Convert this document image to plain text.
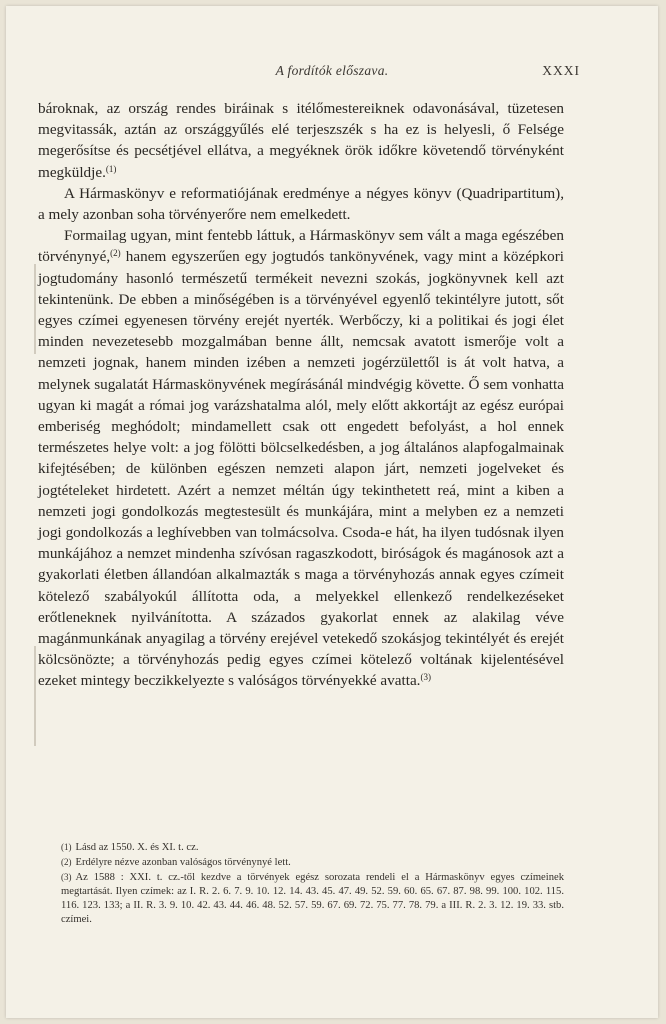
A fordítók előszava.	XXXI

bároknak, az ország rendes biráinak s itélőmestereiknek odavonásával, tüzetesen megvitassák, aztán az országgyűlés elé terjeszszék s ha ez is helyesli, ő Felsége megerősítse és pecsétjével ellátva, a megyéknek örök időkre követendő törvényként megküldje.$^{(1)}$

A Hármaskönyv e reformatiójának eredménye a négyes könyv (Quadripartitum), a mely azonban soha törvényerőre nem emelkedett.

Formailag ugyan, mint fentebb láttuk, a Hármaskönyv sem vált a maga egészében törvénynyé,$^{(2)}$ hanem egyszerűen egy jogtudós tankönyvének, vagy mint a középkori jogtudomány hasonló természetű termékeit nevezni szokás, jogkönyvnek kell azt tekintenünk. De ebben a minőségében is a törvényével egyenlő tekintélyre jutott, sőt egyes czímei egyenesen törvény erejét nyerték. Werbőczy, ki a politikai és jogi élet minden nevezetesebb mozgalmában benne állt, nemcsak avatott ismerője volt a nemzeti jognak, hanem minden izében a nemzeti jogérzülettől is át volt hatva, a melynek sugalatát Hármaskönyvének megírásánál mindvégig követte. Ő sem vonhatta ugyan ki magát a római jog varázshatalma alól, mely előtt akkortájt az egész európai emberiség meghódolt; mindamellett csak ott engedett befolyást, a hol ennek természetes helye volt: a jog fölötti bölcselkedésben, a jog általános alapfogalmainak kifejtésében; de különben egészen nemzeti alapon járt, nemzeti jogelveket és jogtételeket hirdetett. Azért a nemzet méltán úgy tekinthetett reá, mint a kiben a nemzeti jogi gondolkozás megtestesült és munkájára, mint a melyben ez a nemzeti jogi gondolkozás a leghívebben van tolmácsolva. Csoda-e hát, ha ilyen tudósnak ilyen munkájához a nemzet mindenha szívósan ragaszkodott, biróságok és magánosok azt a gyakorlati életben állandóan alkalmazták s maga a törvényhozás annak egyes czímeit kötelező szabályokúl állította oda, a melyekkel ellenkező rendelkezéseket erőtleneknek nyilvánította. A százados gyakorlat ennek az alakilag véve magánmunkának anyagilag a törvény erejével vetekedő szokásjog tekintélyét és erejét kölcsönözte; a törvényhozás pedig egyes czímei kötelező voltának kijelentésével ezeket mintegy beczikkelyezte s valóságos törvényekké avatta.$^{(3)}$

(1) Lásd az 1550. X. és XI. t. cz.

(2) Erdélyre nézve azonban valóságos törvénynyé lett.

(3) Az 1588 : XXI. t. cz.-től kezdve a törvények egész sorozata rendeli el a Hármaskönyv egyes czímeinek megtartását. Ilyen czímek: az I. R. 2. 6. 7. 9. 10. 12. 14. 43. 45. 47. 49. 52. 59. 60. 65. 67. 87. 98. 99. 100. 102. 115. 116. 123. 133; a II. R. 3. 9. 10. 42. 43. 44. 46. 48. 52. 57. 59. 67. 69. 72. 75. 77. 78. 79. a III. R. 2. 3. 12. 19. 33. stb. czímei.
